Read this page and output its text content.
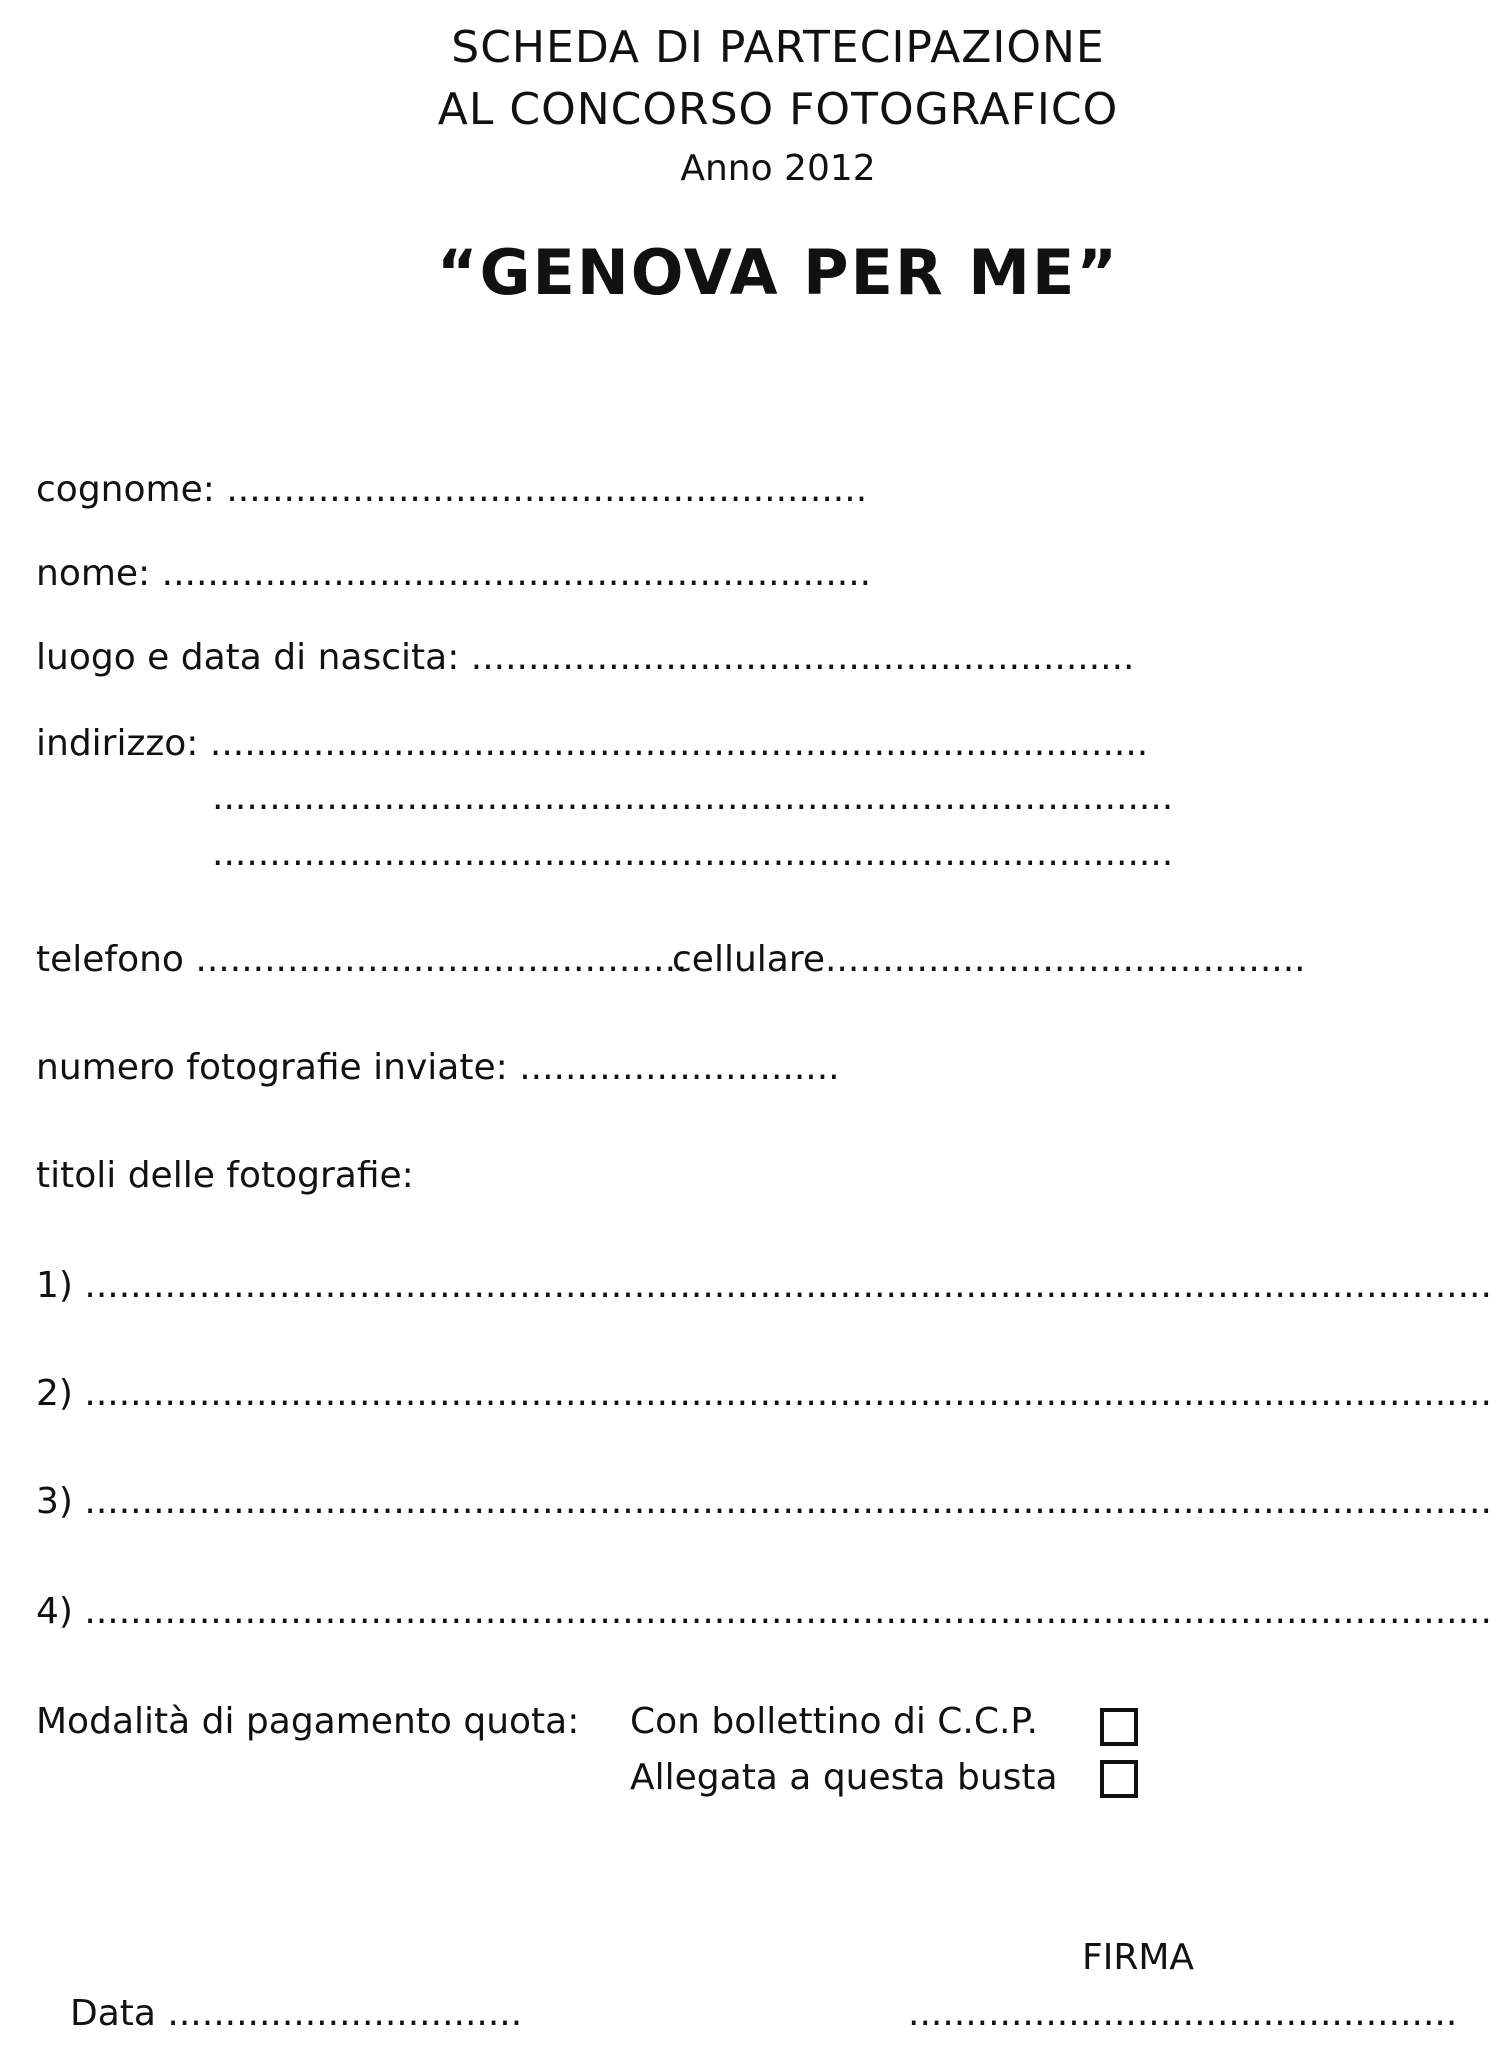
SCHEDA DI PARTECIPAZIONE
AL CONCORSO FOTOGRAFICO
Anno 2012
“GENOVA PER ME”
cognome: ........................................................
nome: ..............................................................
luogo e data di nascita: ..........................................................
indirizzo: ..................................................................................
....................................................................................
....................................................................................
telefono ...........................................
cellulare..........................................
numero fotografie inviate: ............................
titoli delle fotografie:
1) ...........................................................................................................................
2) ...........................................................................................................................
3) ...........................................................................................................................
4) ...........................................................................................................................
Modalità di pagamento quota: Con bollettino di C.C.P.
Allegata a questa busta
FIRMA
Data ...............................	................................................
